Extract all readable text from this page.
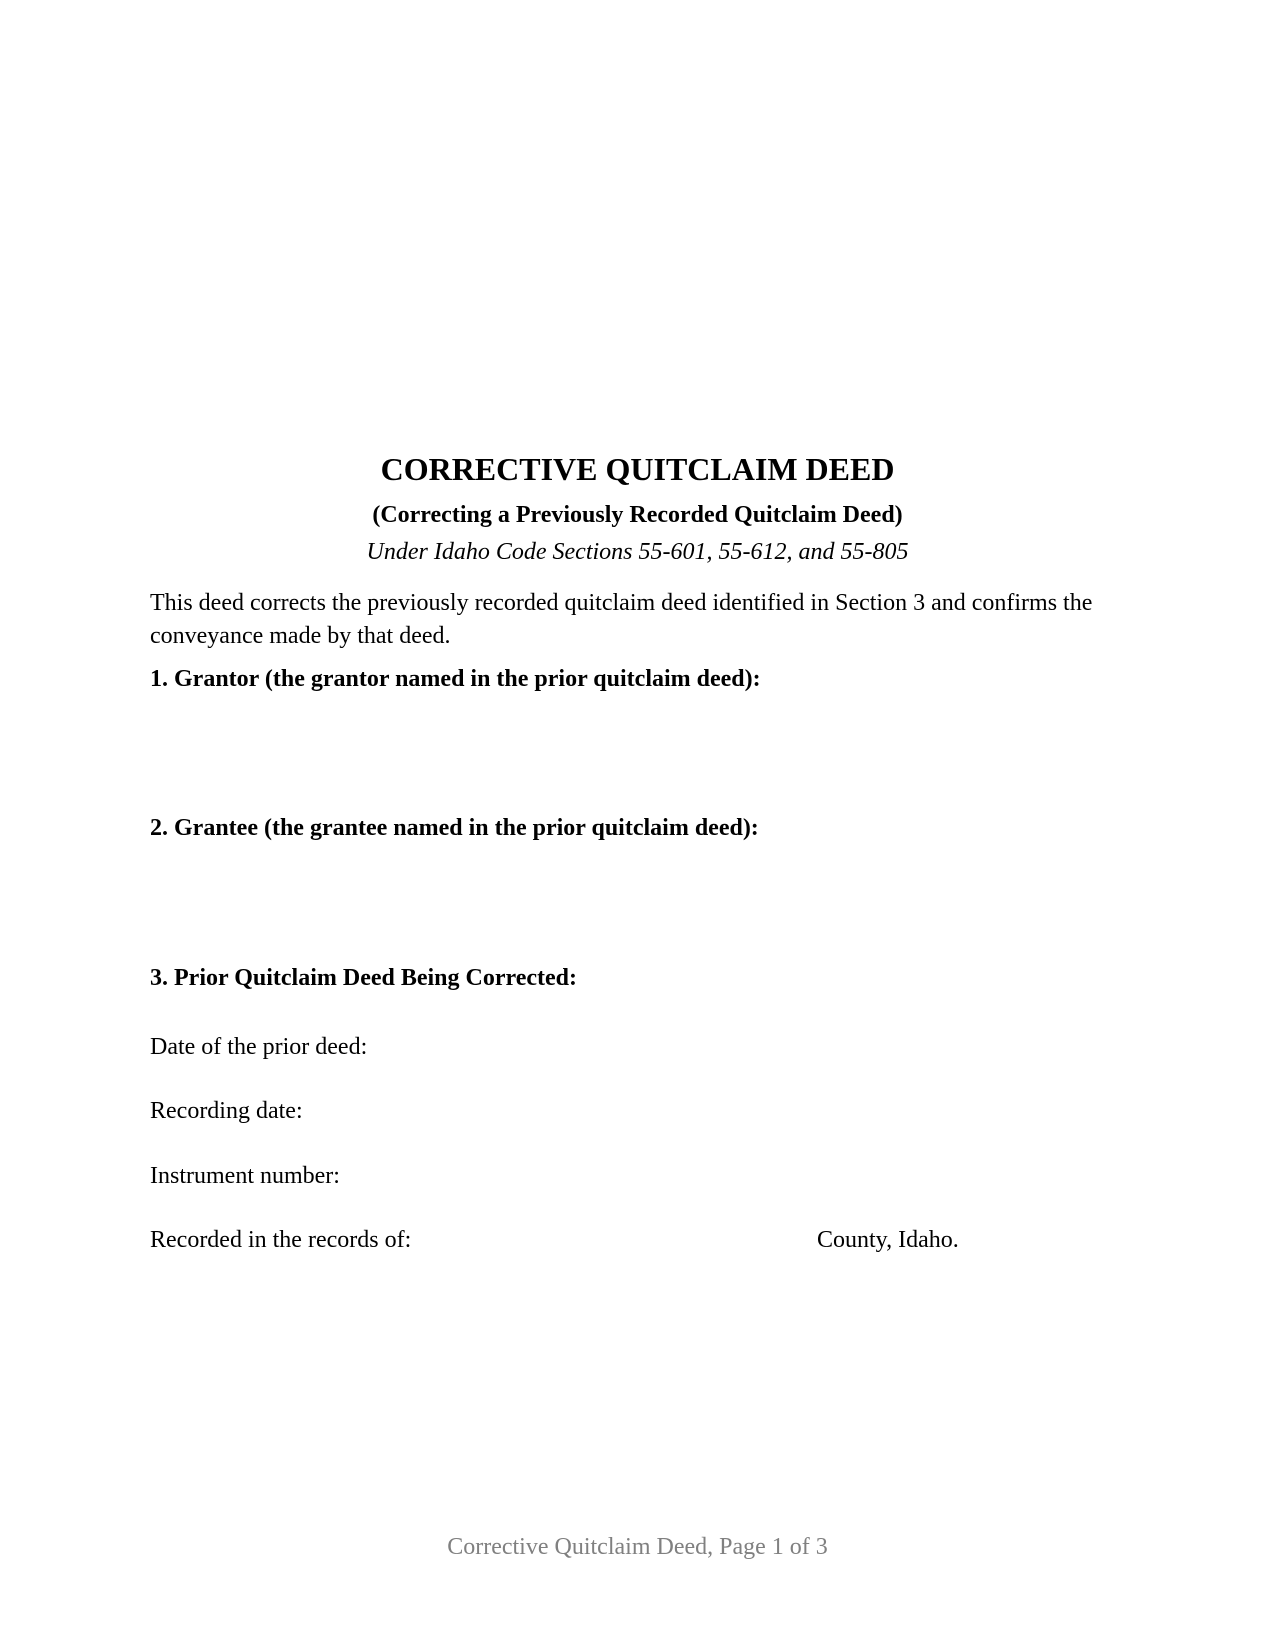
CORRECTIVE QUITCLAIM DEED
(Correcting a Previously Recorded Quitclaim Deed)
Under Idaho Code Sections 55-601, 55-612, and 55-805

This deed corrects the previously recorded quitclaim deed identified in Section 3 and confirms the conveyance made by that deed.

1. Grantor (the grantor named in the prior quitclaim deed):
2. Grantee (the grantee named in the prior quitclaim deed):
3. Prior Quitclaim Deed Being Corrected:
Date of the prior deed:
Recording date:
Instrument number:
Recorded in the records of:	County, Idaho.
Corrective Quitclaim Deed, Page 1 of 3
